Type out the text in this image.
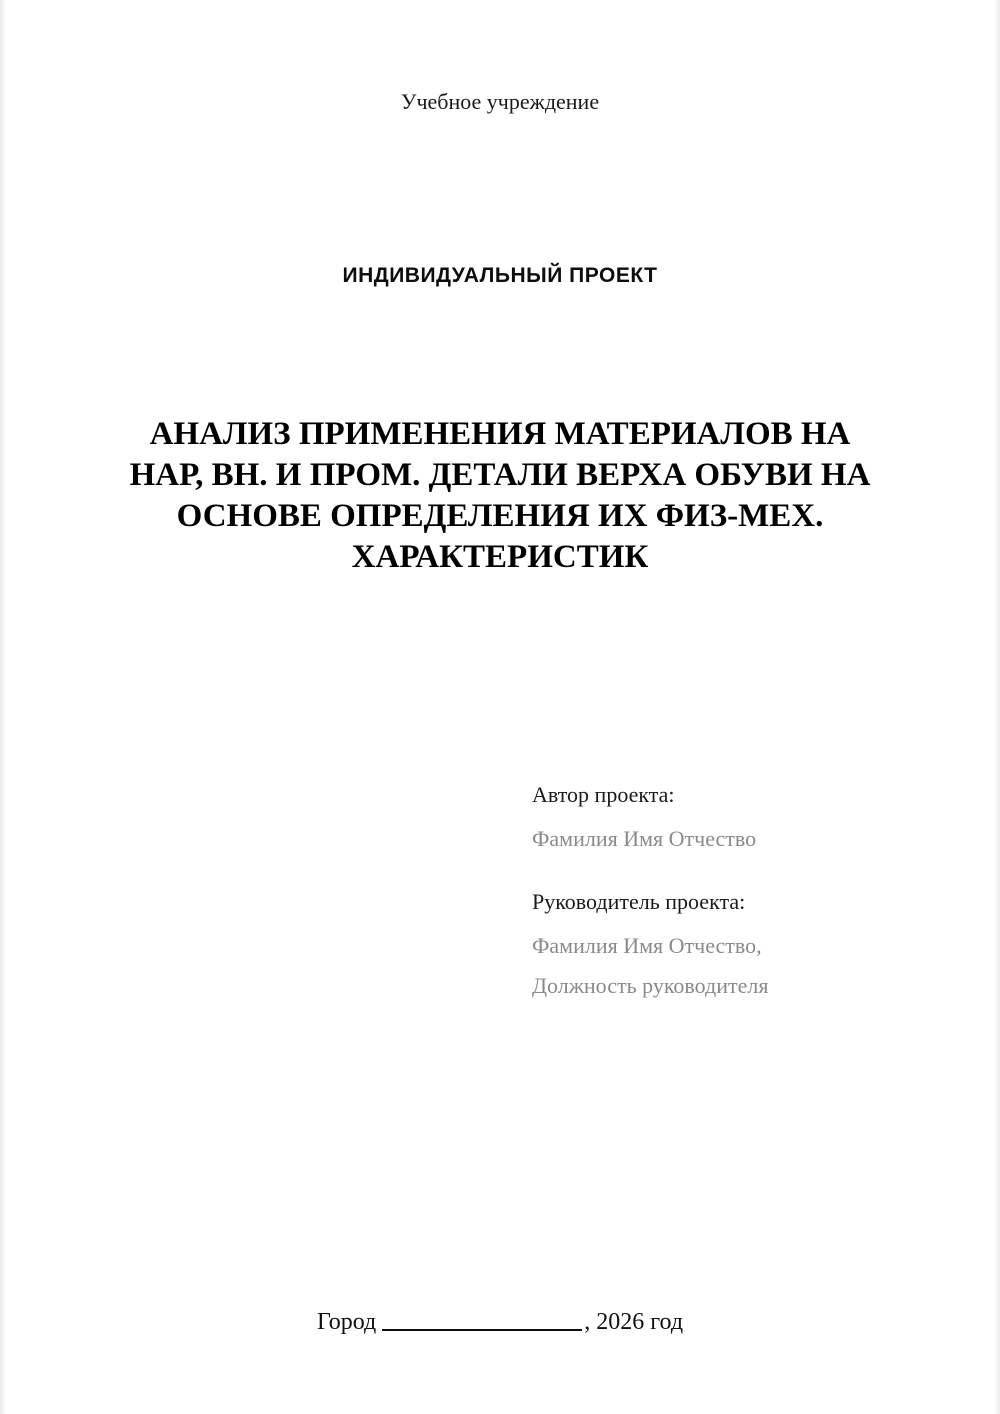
Учебное учреждение
ИНДИВИДУАЛЬНЫЙ ПРОЕКТ
АНАЛИЗ ПРИМЕНЕНИЯ МАТЕРИАЛОВ НА НАР, ВН. И ПРОМ. ДЕТАЛИ ВЕРХА ОБУВИ НА ОСНОВЕ ОПРЕДЕЛЕНИЯ ИХ ФИЗ-МЕХ. ХАРАКТЕРИСТИК
Автор проекта:
Фамилия Имя Отчество
Руководитель проекта:
Фамилия Имя Отчество,
Должность руководителя
Город	, 2026 год
